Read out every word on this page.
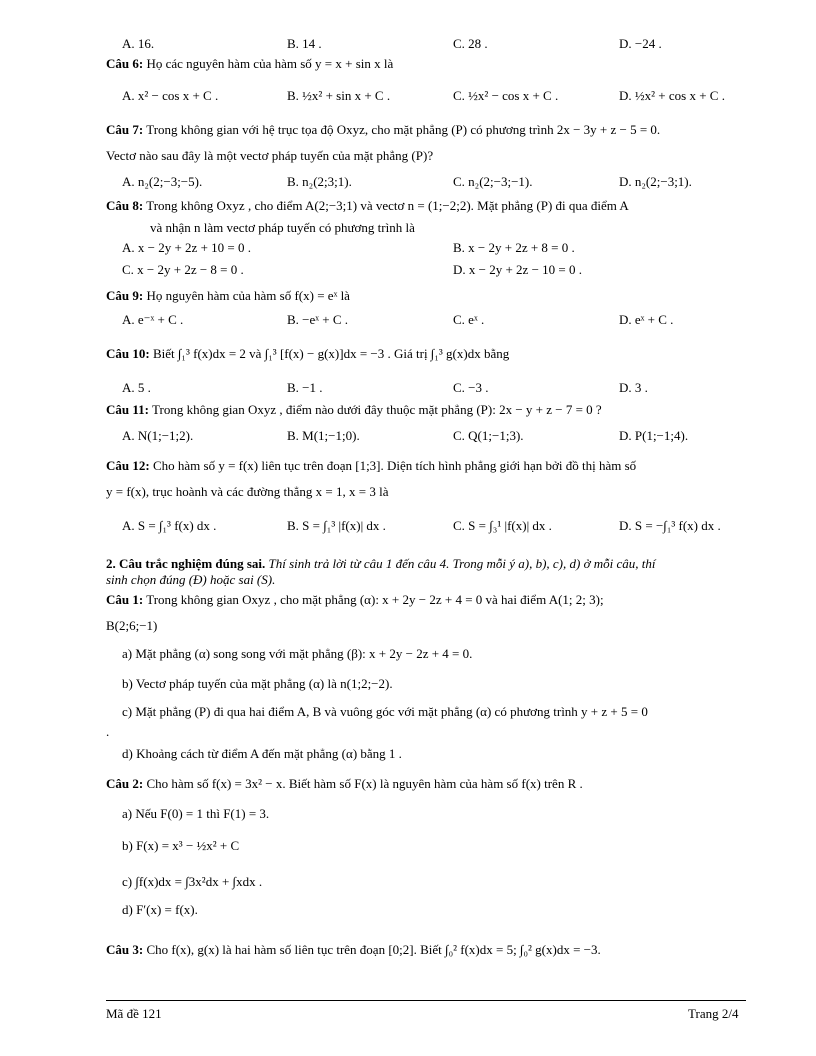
A. 16.	B. 14 .	C. 28 .	D. −24 .
Câu 6: Họ các nguyên hàm của hàm số y = x + sin x là
A. x² − cos x + C .	B. ½x² + sin x + C .	C. ½x² − cos x + C .	D. ½x² + cos x + C .
Câu 7: Trong không gian với hệ trục tọa độ Oxyz, cho mặt phẳng (P) có phương trình 2x − 3y + z − 5 = 0.
Vectơ nào sau đây là một vectơ pháp tuyến của mặt phẳng (P)?
A. n₂(2;−3;−5).	B. n₂(2;3;1).	C. n₂(2;−3;−1).	D. n₂(2;−3;1).
Câu 8: Trong không Oxyz , cho điểm A(2;−3;1) và vectơ n = (1;−2;2). Mặt phẳng (P) đi qua điểm A
và nhận n làm vectơ pháp tuyến có phương trình là
A. x − 2y + 2z + 10 = 0 .	B. x − 2y + 2z + 8 = 0 .
C. x − 2y + 2z − 8 = 0 .	D. x − 2y + 2z − 10 = 0 .
Câu 9: Họ nguyên hàm của hàm số f(x) = eˣ là
A. e⁻ˣ + C .	B. −eˣ + C .	C. eˣ .	D. eˣ + C .
Câu 10: Biết ∫₁³ f(x)dx = 2 và ∫₁³ [f(x) − g(x)]dx = −3 . Giá trị ∫₁³ g(x)dx bằng
A. 5 .	B. −1 .	C. −3 .	D. 3 .
Câu 11: Trong không gian Oxyz , điểm nào dưới đây thuộc mặt phẳng (P): 2x − y + z − 7 = 0 ?
A. N(1;−1;2).	B. M(1;−1;0).	C. Q(1;−1;3).	D. P(1;−1;4).
Câu 12: Cho hàm số y = f(x) liên tục trên đoạn [1;3]. Diện tích hình phẳng giới hạn bởi đồ thị hàm số
y = f(x), trục hoành và các đường thẳng x = 1, x = 3 là
A. S = ∫₁³ f(x) dx .	B. S = ∫₁³ |f(x)| dx .	C. S = ∫₃¹ |f(x)| dx .	D. S = −∫₁³ f(x) dx .
2. Câu trắc nghiệm đúng sai. Thí sinh trả lời từ câu 1 đến câu 4. Trong mỗi ý a), b), c), d) ở mỗi câu, thí
sinh chọn đúng (Đ) hoặc sai (S).
Câu 1: Trong không gian Oxyz , cho mặt phẳng (α): x + 2y − 2z + 4 = 0 và hai điểm A(1; 2; 3);
B(2;6;−1)
a) Mặt phẳng (α) song song với mặt phẳng (β): x + 2y − 2z + 4 = 0.
b) Vectơ pháp tuyến của mặt phẳng (α) là n(1;2;−2).
c) Mặt phẳng (P) đi qua hai điểm A, B và vuông góc với mặt phẳng (α) có phương trình y + z + 5 = 0
.
d) Khoảng cách từ điểm A đến mặt phẳng (α) bằng 1 .
Câu 2: Cho hàm số f(x) = 3x² − x. Biết hàm số F(x) là nguyên hàm của hàm số f(x) trên R .
a) Nếu F(0) = 1 thì F(1) = 3.
b) F(x) = x³ − ½x² + C
c) ∫f(x)dx = ∫3x²dx + ∫xdx .
d) F′(x) = f(x).
Câu 3: Cho f(x), g(x) là hai hàm số liên tục trên đoạn [0;2]. Biết ∫₀² f(x)dx = 5; ∫₀² g(x)dx = −3.
Mã đề 121	Trang 2/4
